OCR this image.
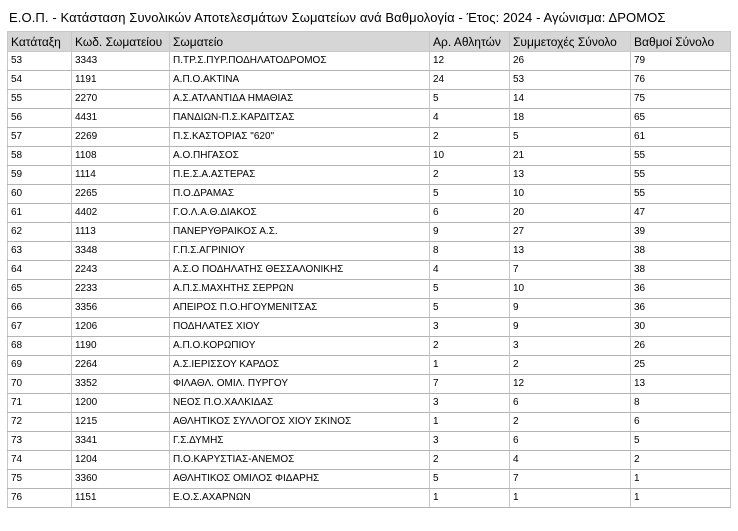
Ε.Ο.Π. - Κατάσταση Συνολικών Αποτελεσμάτων Σωματείων ανά Βαθμολογία - Έτος: 2024 - Αγώνισμα: ΔΡΟΜΟΣ
Κατάταξη	Κωδ. Σωματείου	Σωματείο	Αρ. Αθλητών	Συμμετοχές Σύνολο	Βαθμοί Σύνολο
53	3343	Π.ΤΡ.Σ.ΠΥΡ.ΠΟΔΗΛΑΤΟΔΡΟΜΟΣ	12	26	79
54	1191	Α.Π.Ο.ΑΚΤΙΝΑ	24	53	76
55	2270	Α.Σ.ΑΤΛΑΝΤΙΔΑ ΗΜΑΘΙΑΣ	5	14	75
56	4431	ΠΑΝΔΙΩΝ-Π.Σ.ΚΑΡΔΙΤΣΑΣ	4	18	65
57	2269	Π.Σ.ΚΑΣΤΟΡΙΑΣ "620"	2	5	61
58	1108	Α.Ο.ΠΗΓΑΣΟΣ	10	21	55
59	1114	Π.Ε.Σ.Α.ΑΣΤΕΡΑΣ	2	13	55
60	2265	Π.Ο.ΔΡΑΜΑΣ	5	10	55
61	4402	Γ.Ο.Λ.Α.Θ.ΔΙΑΚΟΣ	6	20	47
62	1113	ΠΑΝΕΡΥΘΡΑΙΚΟΣ Α.Σ.	9	27	39
63	3348	Γ.Π.Σ.ΑΓΡΙΝΙΟΥ	8	13	38
64	2243	Α.Σ.Ο ΠΟΔΗΛΑΤΗΣ ΘΕΣΣΑΛΟΝΙΚΗΣ	4	7	38
65	2233	Α.Π.Σ.ΜΑΧΗΤΗΣ ΣΕΡΡΩΝ	5	10	36
66	3356	ΑΠΕΙΡΟΣ Π.Ο.ΗΓΟΥΜΕΝΙΤΣΑΣ	5	9	36
67	1206	ΠΟΔΗΛΑΤΕΣ ΧΙΟΥ	3	9	30
68	1190	Α.Π.Ο.ΚΟΡΩΠΙΟΥ	2	3	26
69	2264	Α.Σ.ΙΕΡΙΣΣΟΥ ΚΑΡΔΟΣ	1	2	25
70	3352	ΦΙΛΑΘΛ. ΟΜΙΛ. ΠΥΡΓΟΥ	7	12	13
71	1200	ΝΕΟΣ Π.Ο.ΧΑΛΚΙΔΑΣ	3	6	8
72	1215	ΑΘΛΗΤΙΚΟΣ ΣΥΛΛΟΓΟΣ ΧΙΟΥ ΣΚΙΝΟΣ	1	2	6
73	3341	Γ.Σ.ΔΥΜΗΣ	3	6	5
74	1204	Π.Ο.ΚΑΡΥΣΤΙΑΣ-ΑΝΕΜΟΣ	2	4	2
75	3360	ΑΘΛΗΤΙΚΟΣ ΟΜΙΛΟΣ ΦΙΔΑΡΗΣ	5	7	1
76	1151	Ε.Ο.Σ.ΑΧΑΡΝΩΝ	1	1	1
